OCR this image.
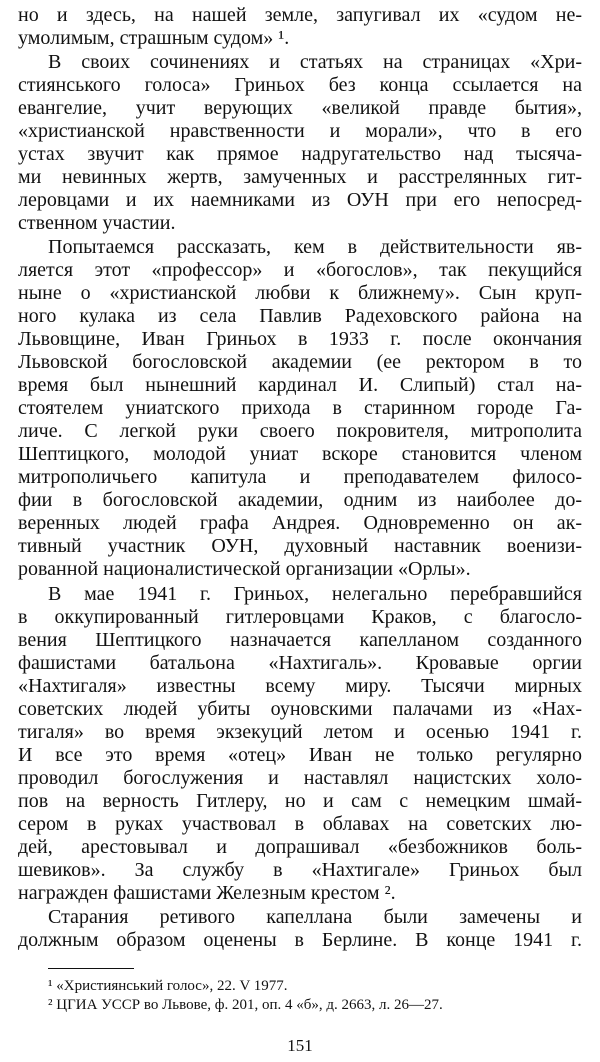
но и здесь, на нашей земле, запугивал их «судом не-
умолимым, страшным судом» ¹.
В своих сочинениях и статьях на страницах «Хри-
стиянського голоса» Гриньох без конца ссылается на
евангелие, учит верующих «великой правде бытия»,
«христианской нравственности и морали», что в его
устах звучит как прямое надругательство над тысяча-
ми невинных жертв, замученных и расстрелянных гит-
леровцами и их наемниками из ОУН при его непосред-
ственном участии.
Попытаемся рассказать, кем в действительности яв-
ляется этот «профессор» и «богослов», так пекущийся
ныне о «христианской любви к ближнему». Сын круп-
ного кулака из села Павлив Радеховского района на
Львовщине, Иван Гриньох в 1933 г. после окончания
Львовской богословской академии (ее ректором в то
время был нынешний кардинал И. Слипый) стал на-
стоятелем униатского прихода в старинном городе Га-
личе. С легкой руки своего покровителя, митрополита
Шептицкого, молодой униат вскоре становится членом
митрополичьего капитула и преподавателем филосо-
фии в богословской академии, одним из наиболее до-
веренных людей графа Андрея. Одновременно он ак-
тивный участник ОУН, духовный наставник военизи-
рованной националистической организации «Орлы».
В мае 1941 г. Гриньох, нелегально перебравшийся
в оккупированный гитлеровцами Краков, с благосло-
вения Шептицкого назначается капелланом созданного
фашистами батальона «Нахтигаль». Кровавые оргии
«Нахтигаля» известны всему миру. Тысячи мирных
советских людей убиты оуновскими палачами из «Нах-
тигаля» во время экзекуций летом и осенью 1941 г.
И все это время «отец» Иван не только регулярно
проводил богослужения и наставлял нацистских холо-
пов на верность Гитлеру, но и сам с немецким шмай-
сером в руках участвовал в облавах на советских лю-
дей, арестовывал и допрашивал «безбожников боль-
шевиков». За службу в «Нахтигале» Гриньох был
награжден фашистами Железным крестом ².
Старания ретивого капеллана были замечены и
должным образом оценены в Берлине. В конце 1941 г.
¹ «Християнський голос», 22. V 1977.
² ЦГИА УССР во Львове, ф. 201, оп. 4 «б», д. 2663, л. 26—27.
151
